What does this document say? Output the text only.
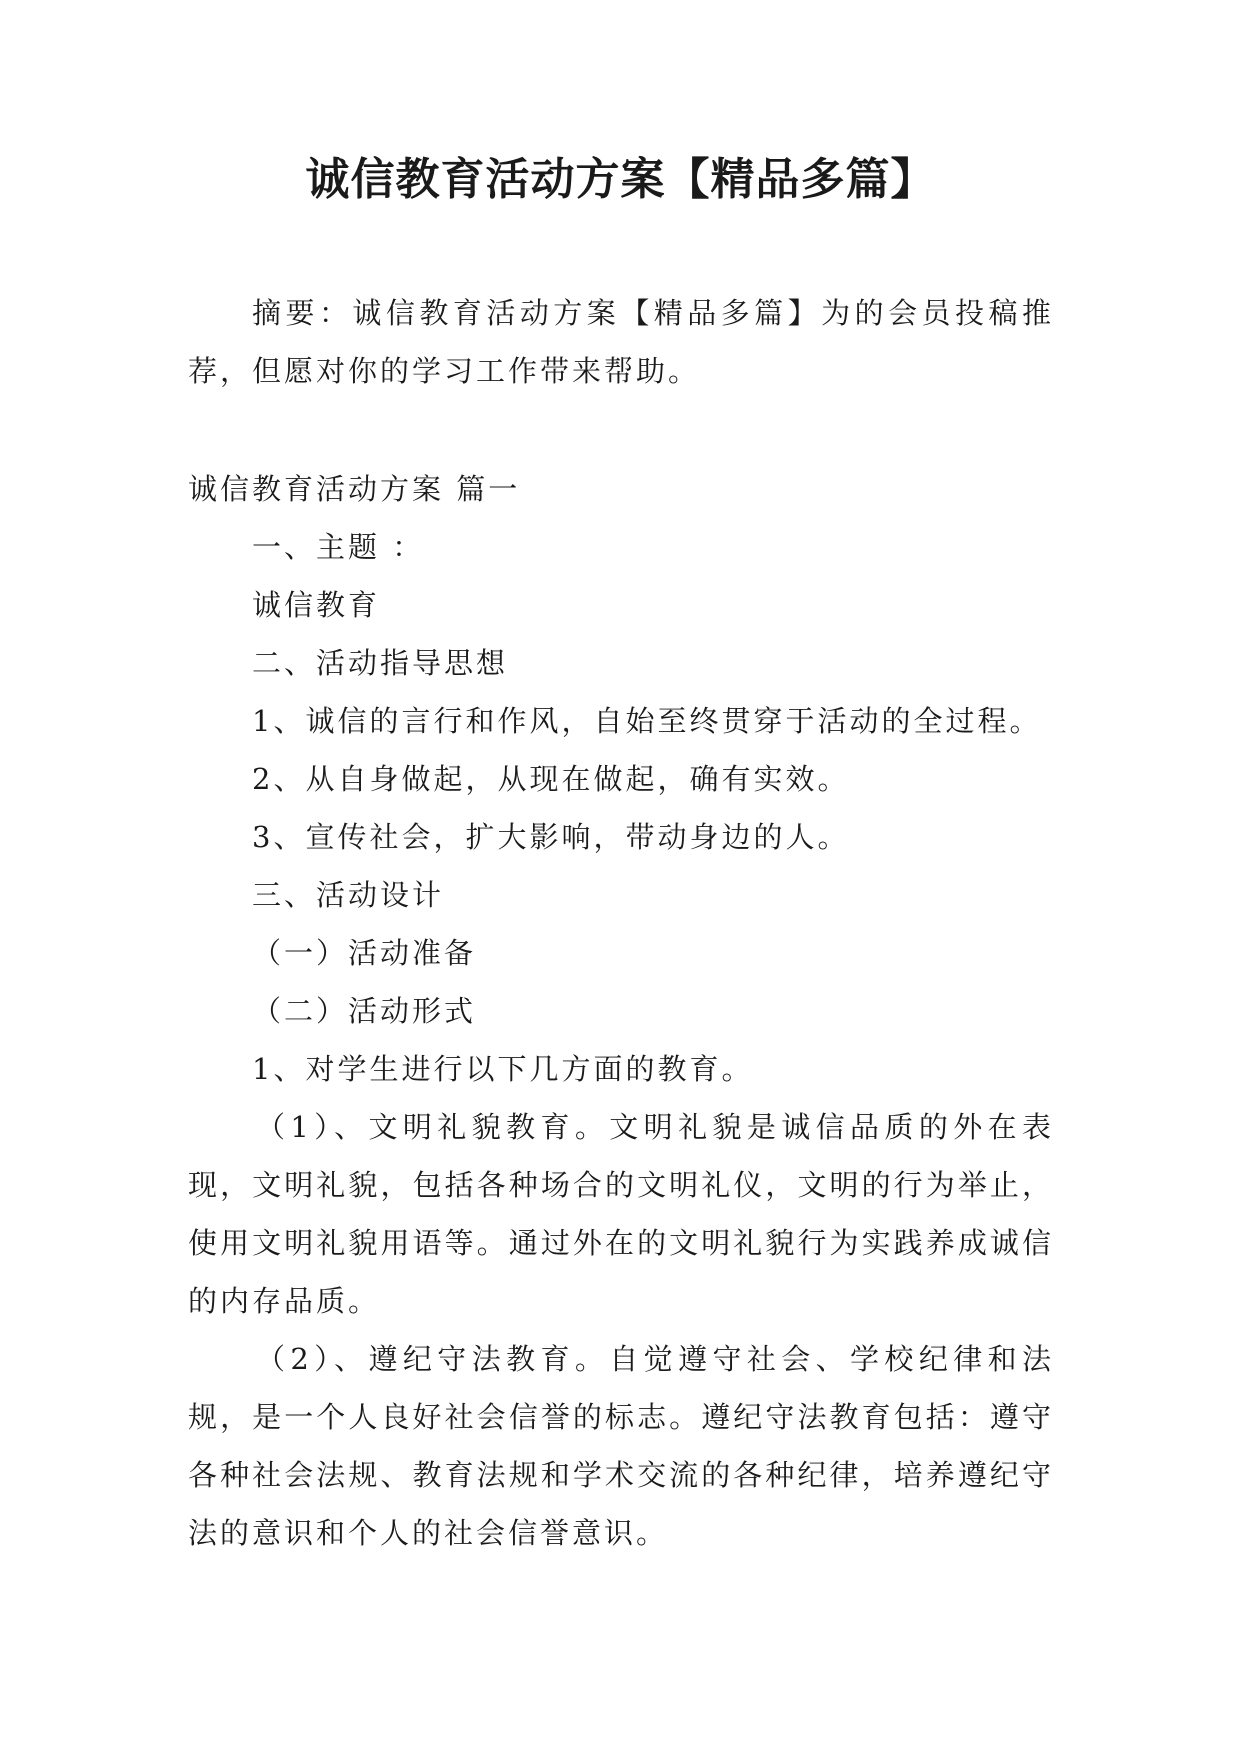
诚信教育活动方案【精品多篇】

摘要：诚信教育活动方案【精品多篇】为的会员投稿推荐，但愿对你的学习工作带来帮助。

诚信教育活动方案 篇一

一、主题 ：

诚信教育

二、活动指导思想

1、诚信的言行和作风，自始至终贯穿于活动的全过程。

2、从自身做起，从现在做起，确有实效。

3、宣传社会，扩大影响，带动身边的人。

三、活动设计

（一）活动准备

（二）活动形式

1、对学生进行以下几方面的教育。

（1）、文明礼貌教育。文明礼貌是诚信品质的外在表现，文明礼貌，包括各种场合的文明礼仪，文明的行为举止，使用文明礼貌用语等。通过外在的文明礼貌行为实践养成诚信的内存品质。

（2）、遵纪守法教育。自觉遵守社会、学校纪律和法规，是一个人良好社会信誉的标志。遵纪守法教育包括：遵守各种社会法规、教育法规和学术交流的各种纪律，培养遵纪守法的意识和个人的社会信誉意识。
